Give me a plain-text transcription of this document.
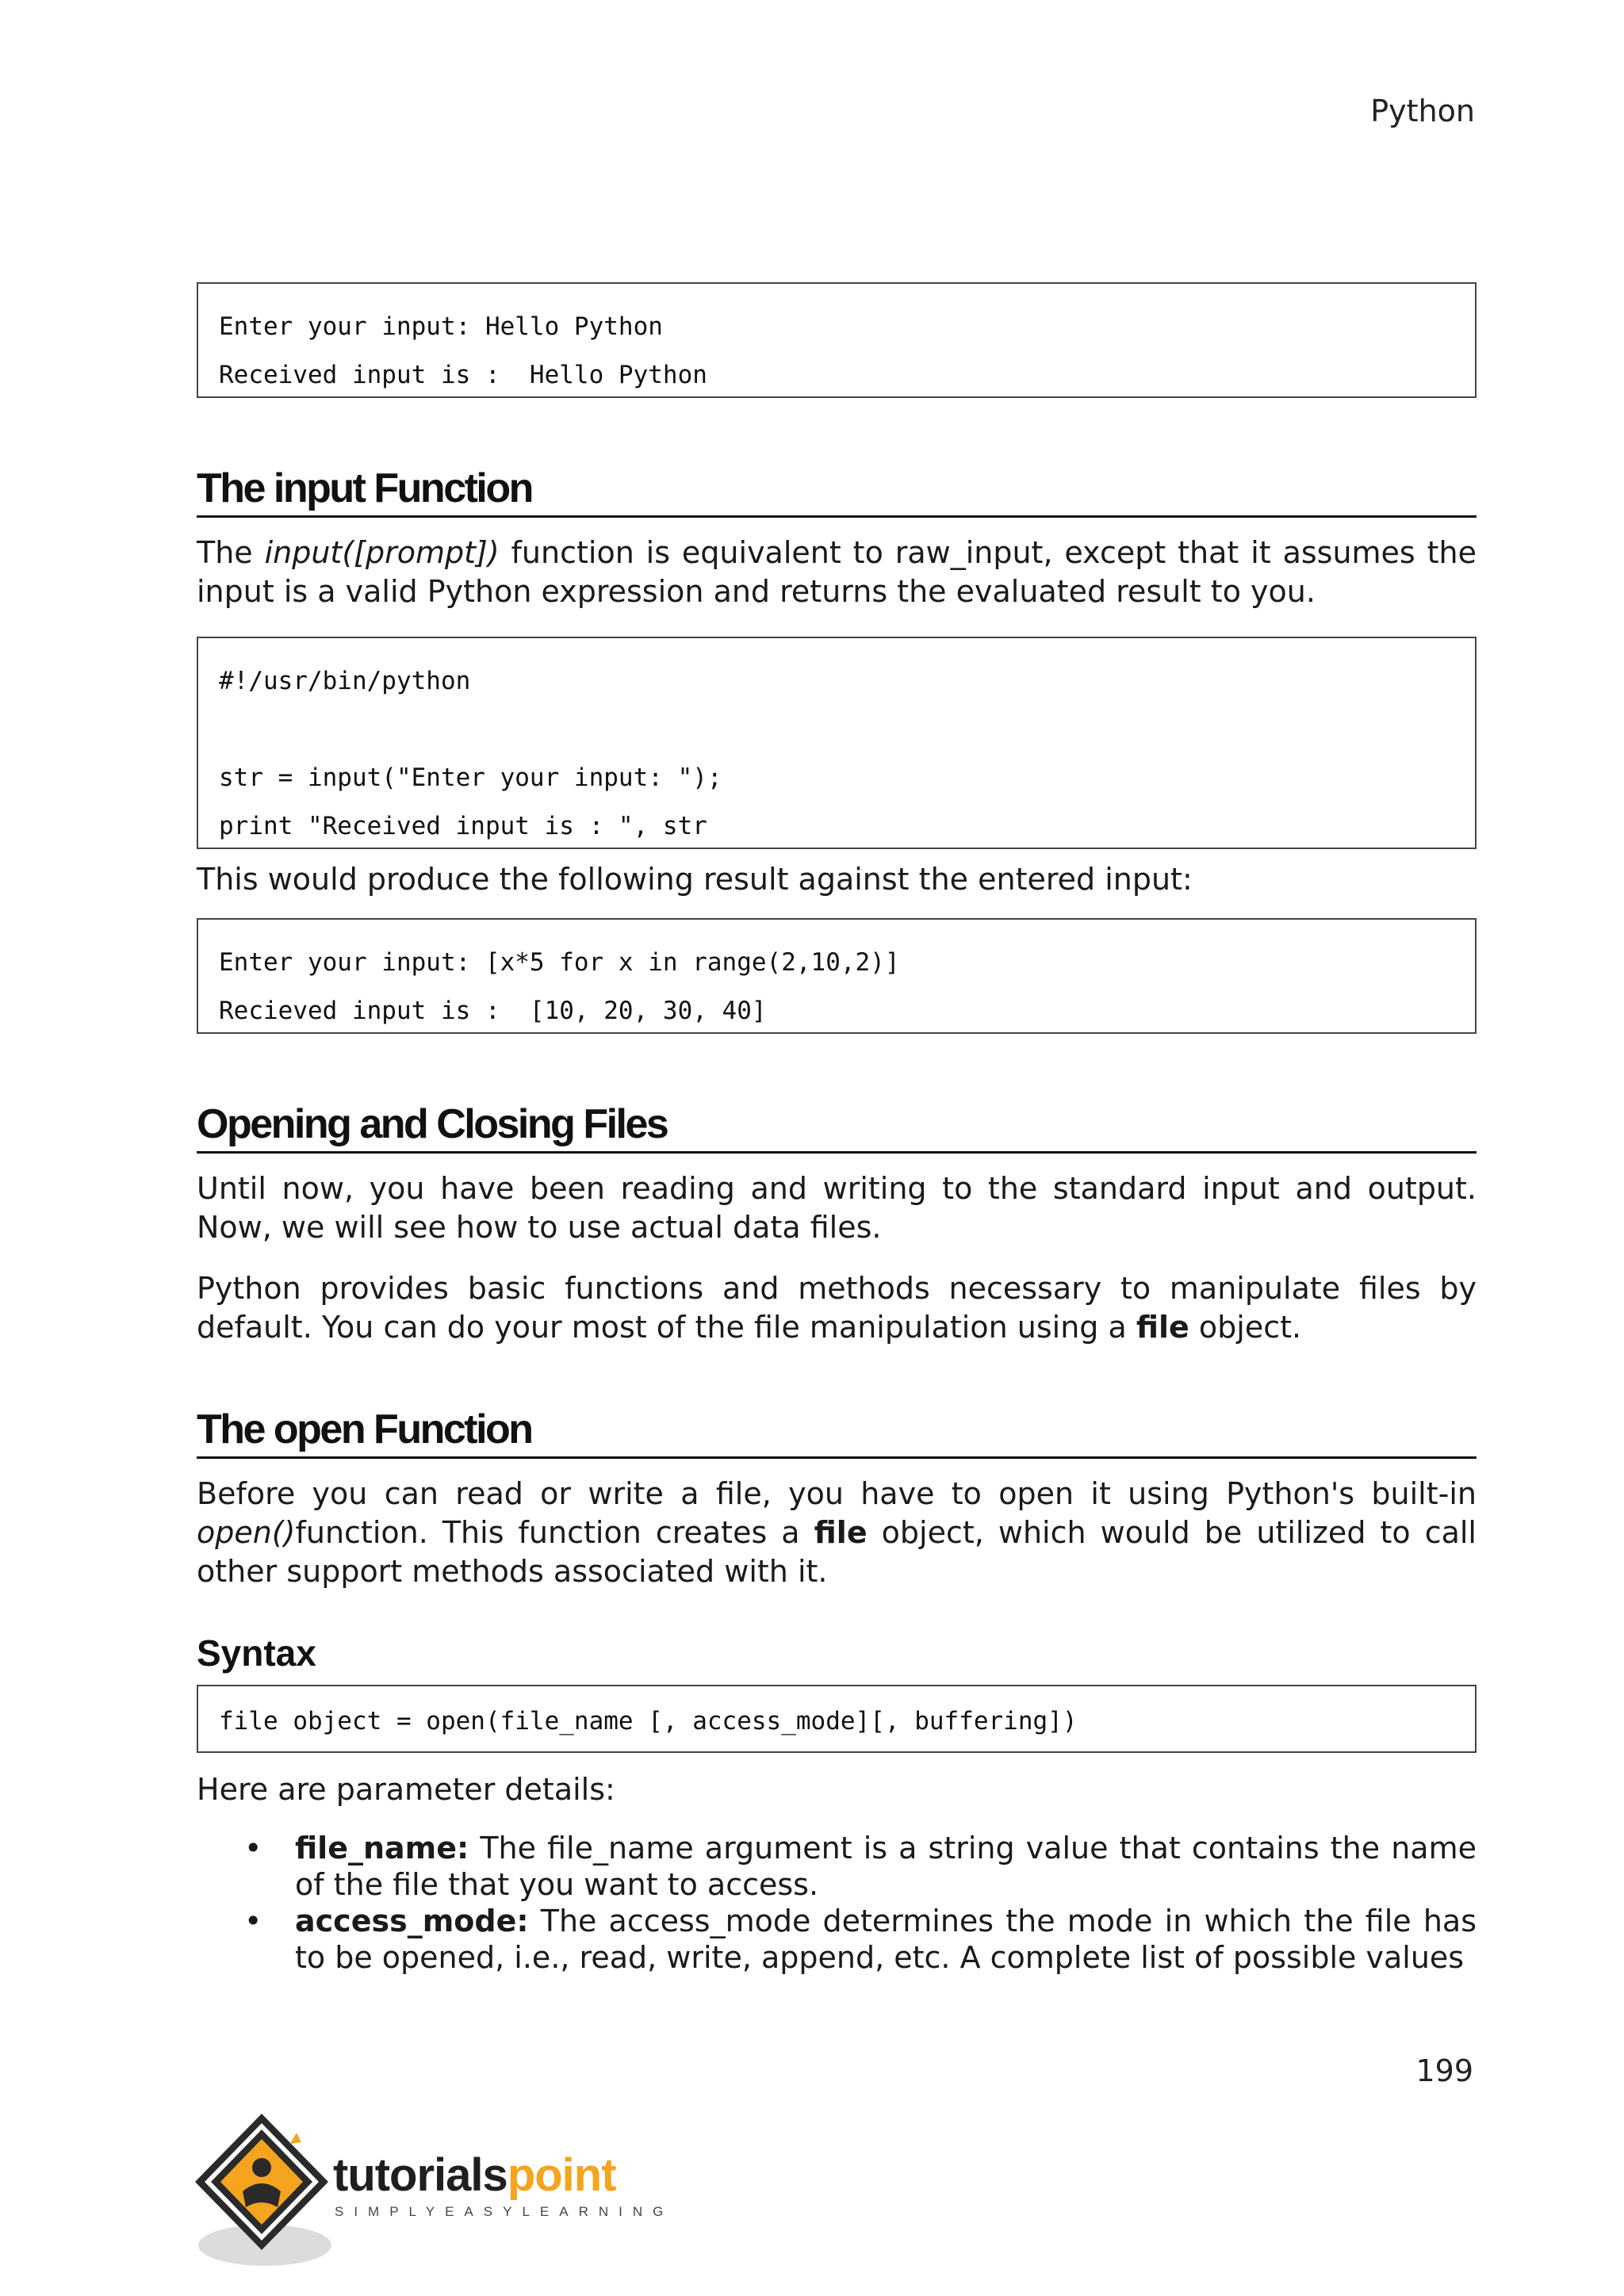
Python
Enter your input: Hello Python
Received input is :  Hello Python
The input Function

The input([prompt]) function is equivalent to raw_input, except that it assumes the input is a valid Python expression and returns the evaluated result to you.

#!/usr/bin/python
str = input("Enter your input: ");
print "Received input is : ", str

This would produce the following result against the entered input:

Enter your input: [x*5 for x in range(2,10,2)]
Recieved input is :  [10, 20, 30, 40]
Opening and Closing Files

Until now, you have been reading and writing to the standard input and output. Now, we will see how to use actual data files.

Python provides basic functions and methods necessary to manipulate files by default. You can do your most of the file manipulation using a file object.

The open Function

Before you can read or write a file, you have to open it using Python's built-in open()function. This function creates a file object, which would be utilized to call other support methods associated with it.

Syntax
file object = open(file_name [, access_mode][, buffering])

Here are parameter details:

• file_name: The file_name argument is a string value that contains the name of the file that you want to access.
• access_mode: The access_mode determines the mode in which the file has to be opened, i.e., read, write, append, etc. A complete list of possible values
199
tutorialspoint
SIMPLYEASYLEARNING
